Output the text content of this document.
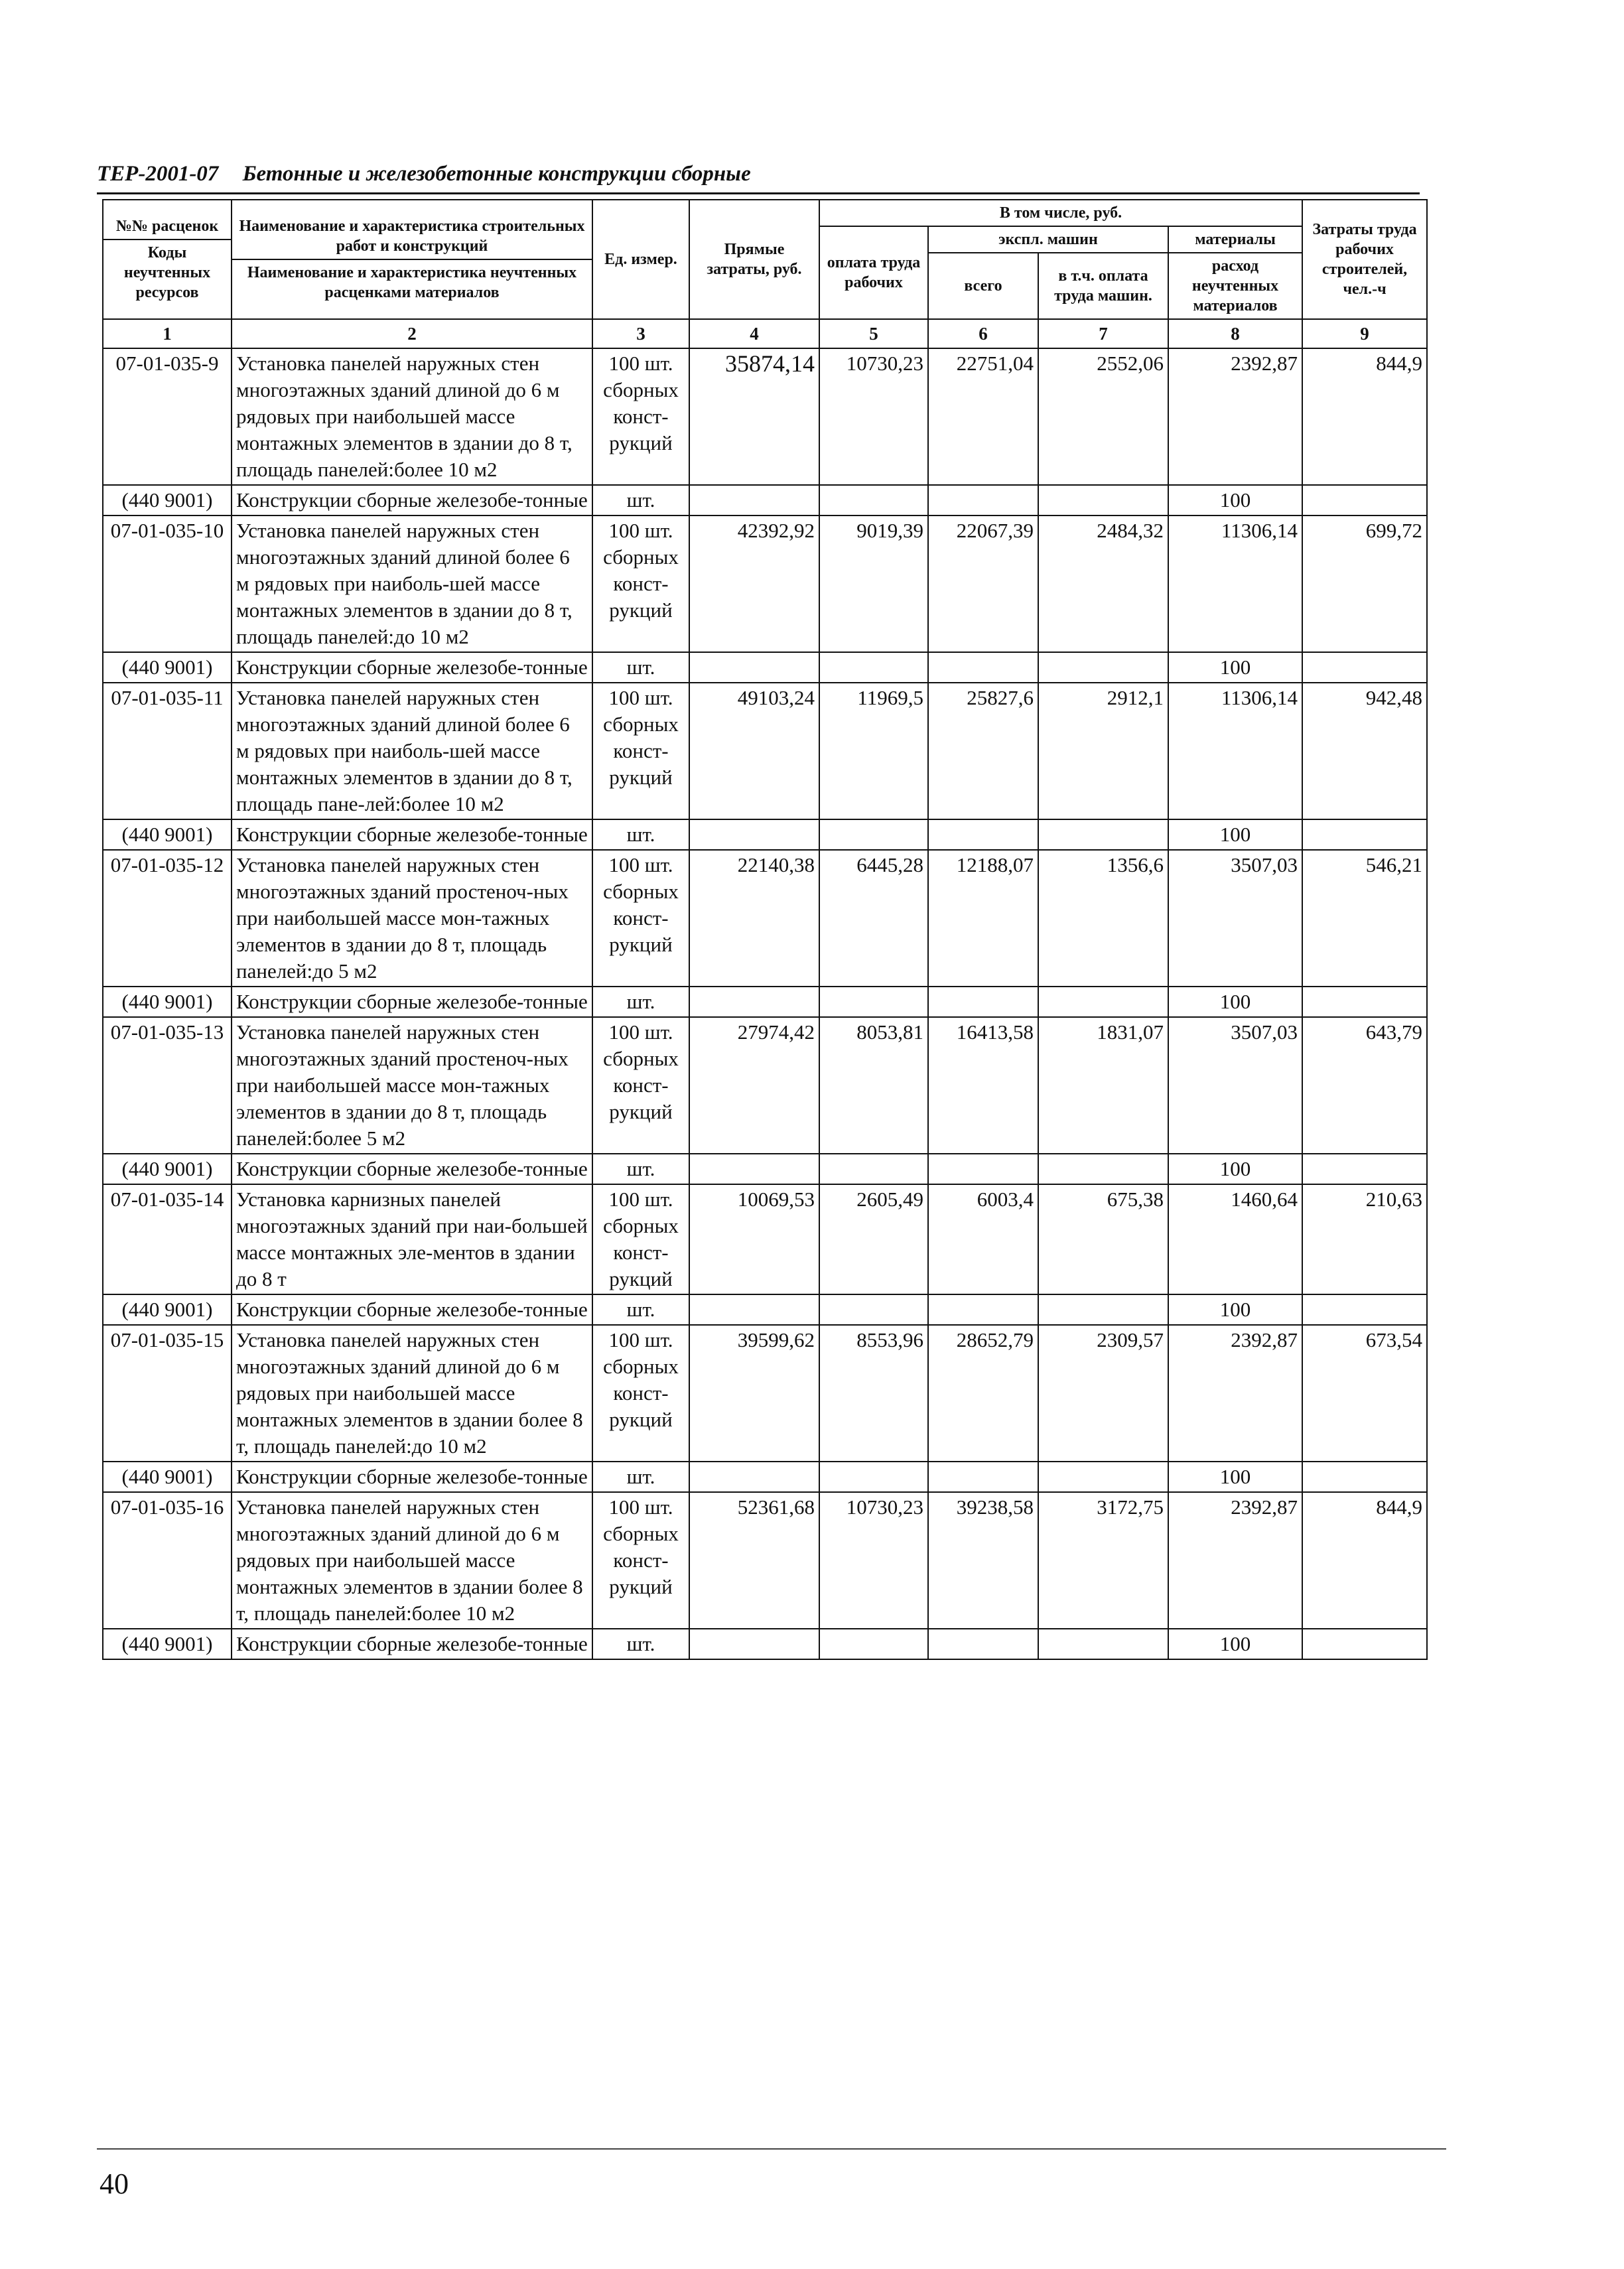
ТЕР-2001-07 Бетонные и железобетонные конструкции сборные
№№ расценок
Коды неучтенных ресурсов	Наименование и характеристика строительных работ и конструкций
Наименование и характеристика неучтенных расценками материалов	Ед. измер.	Прямые затраты, руб.	В том числе, руб.				Затраты труда рабочих строителей, чел.-ч
				оплата труда рабочих	экспл. машин		материалы	
					всего	в т.ч. оплата труда машин.	расход неучтенных материалов	
1	2	3	4	5	6	7	8	9
07-01-035-9	Установка панелей наружных стен многоэтажных зданий длиной до 6 м рядовых при наибольшей массе монтажных элементов в здании до 8 т, площадь панелей:более 10 м2	100 шт. сборных конст-рукций	35874,14	10730,23	22751,04	2552,06	2392,87	844,9
(440 9001)	Конструкции сборные железобе-тонные	шт.					100	
07-01-035-10	Установка панелей наружных стен многоэтажных зданий длиной более 6 м рядовых при наиболь-шей массе монтажных элементов в здании до 8 т, площадь панелей:до 10 м2	100 шт. сборных конст-рукций	42392,92	9019,39	22067,39	2484,32	11306,14	699,72
(440 9001)	Конструкции сборные железобе-тонные	шт.					100	
07-01-035-11	Установка панелей наружных стен многоэтажных зданий длиной более 6 м рядовых при наиболь-шей массе монтажных элементов в здании до 8 т, площадь пане-лей:более 10 м2	100 шт. сборных конст-рукций	49103,24	11969,5	25827,6	2912,1	11306,14	942,48
(440 9001)	Конструкции сборные железобе-тонные	шт.					100	
07-01-035-12	Установка панелей наружных стен многоэтажных зданий простеноч-ных при наибольшей массе мон-тажных элементов в здании до 8 т, площадь панелей:до 5 м2	100 шт. сборных конст-рукций	22140,38	6445,28	12188,07	1356,6	3507,03	546,21
(440 9001)	Конструкции сборные железобе-тонные	шт.					100	
07-01-035-13	Установка панелей наружных стен многоэтажных зданий простеноч-ных при наибольшей массе мон-тажных элементов в здании до 8 т, площадь панелей:более 5 м2	100 шт. сборных конст-рукций	27974,42	8053,81	16413,58	1831,07	3507,03	643,79
(440 9001)	Конструкции сборные железобе-тонные	шт.					100	
07-01-035-14	Установка карнизных панелей многоэтажных зданий при наи-большей массе монтажных эле-ментов в здании до 8 т	100 шт. сборных конст-рукций	10069,53	2605,49	6003,4	675,38	1460,64	210,63
(440 9001)	Конструкции сборные железобе-тонные	шт.					100	
07-01-035-15	Установка панелей наружных стен многоэтажных зданий длиной до 6 м рядовых при наибольшей массе монтажных элементов в здании более 8 т, площадь панелей:до 10 м2	100 шт. сборных конст-рукций	39599,62	8553,96	28652,79	2309,57	2392,87	673,54
(440 9001)	Конструкции сборные железобе-тонные	шт.					100	
07-01-035-16	Установка панелей наружных стен многоэтажных зданий длиной до 6 м рядовых при наибольшей массе монтажных элементов в здании более 8 т, площадь панелей:более 10 м2	100 шт. сборных конст-рукций	52361,68	10730,23	39238,58	3172,75	2392,87	844,9
(440 9001)	Конструкции сборные железобе-тонные	шт.					100	
40
